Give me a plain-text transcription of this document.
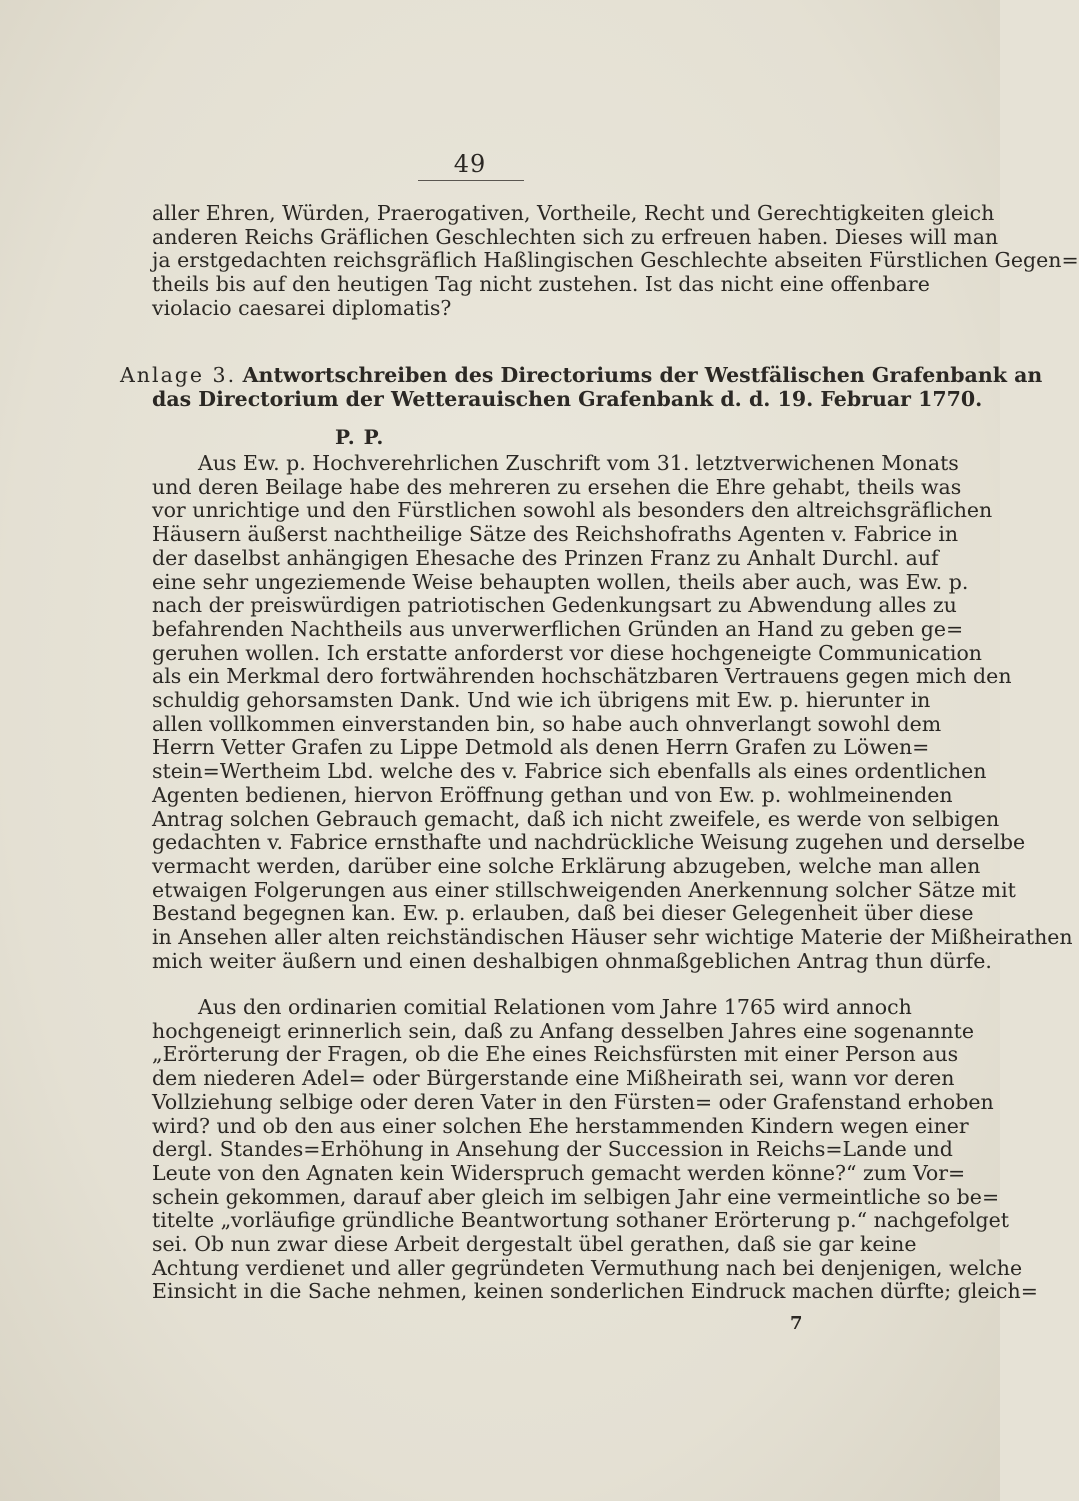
49
aller Ehren, Würden, Praerogativen, Vortheile, Recht und Gerechtigkeiten gleich
anderen Reichs Gräflichen Geschlechten sich zu erfreuen haben. Dieses will man
ja erstgedachten reichsgräflich Haßlingischen Geschlechte abseiten Fürstlichen Gegen=
theils bis auf den heutigen Tag nicht zustehen. Ist das nicht eine offenbare
violacio caesarei diplomatis?
Anlage 3. Antwortschreiben des Directoriums der Westfälischen Grafenbank an
das Directorium der Wetterauischen Grafenbank d. d. 19. Februar 1770.
P. P.
Aus Ew. p. Hochverehrlichen Zuschrift vom 31. letztverwichenen Monats
und deren Beilage habe des mehreren zu ersehen die Ehre gehabt, theils was
vor unrichtige und den Fürstlichen sowohl als besonders den altreichsgräflichen
Häusern äußerst nachtheilige Sätze des Reichshofraths Agenten v. Fabrice in
der daselbst anhängigen Ehesache des Prinzen Franz zu Anhalt Durchl. auf
eine sehr ungeziemende Weise behaupten wollen, theils aber auch, was Ew. p.
nach der preiswürdigen patriotischen Gedenkungsart zu Abwendung alles zu
befahrenden Nachtheils aus unverwerflichen Gründen an Hand zu geben ge=
geruhen wollen. Ich erstatte anforderst vor diese hochgeneigte Communication
als ein Merkmal dero fortwährenden hochschätzbaren Vertrauens gegen mich den
schuldig gehorsamsten Dank. Und wie ich übrigens mit Ew. p. hierunter in
allen vollkommen einverstanden bin, so habe auch ohnverlangt sowohl dem
Herrn Vetter Grafen zu Lippe Detmold als denen Herrn Grafen zu Löwen=
stein=Wertheim Lbd. welche des v. Fabrice sich ebenfalls als eines ordentlichen
Agenten bedienen, hiervon Eröffnung gethan und von Ew. p. wohlmeinenden
Antrag solchen Gebrauch gemacht, daß ich nicht zweifele, es werde von selbigen
gedachten v. Fabrice ernsthafte und nachdrückliche Weisung zugehen und derselbe
vermacht werden, darüber eine solche Erklärung abzugeben, welche man allen
etwaigen Folgerungen aus einer stillschweigenden Anerkennung solcher Sätze mit
Bestand begegnen kan. Ew. p. erlauben, daß bei dieser Gelegenheit über diese
in Ansehen aller alten reichständischen Häuser sehr wichtige Materie der Mißheirathen
mich weiter äußern und einen deshalbigen ohnmaßgeblichen Antrag thun dürfe.
Aus den ordinarien comitial Relationen vom Jahre 1765 wird annoch
hochgeneigt erinnerlich sein, daß zu Anfang desselben Jahres eine sogenannte
„Erörterung der Fragen, ob die Ehe eines Reichsfürsten mit einer Person aus
dem niederen Adel= oder Bürgerstande eine Mißheirath sei, wann vor deren
Vollziehung selbige oder deren Vater in den Fürsten= oder Grafenstand erhoben
wird? und ob den aus einer solchen Ehe herstammenden Kindern wegen einer
dergl. Standes=Erhöhung in Ansehung der Succession in Reichs=Lande und
Leute von den Agnaten kein Widerspruch gemacht werden könne?“ zum Vor=
schein gekommen, darauf aber gleich im selbigen Jahr eine vermeintliche so be=
titelte „vorläufige gründliche Beantwortung sothaner Erörterung p.“ nachgefolget
sei. Ob nun zwar diese Arbeit dergestalt übel gerathen, daß sie gar keine
Achtung verdienet und aller gegründeten Vermuthung nach bei denjenigen, welche
Einsicht in die Sache nehmen, keinen sonderlichen Eindruck machen dürfte; gleich=
7
